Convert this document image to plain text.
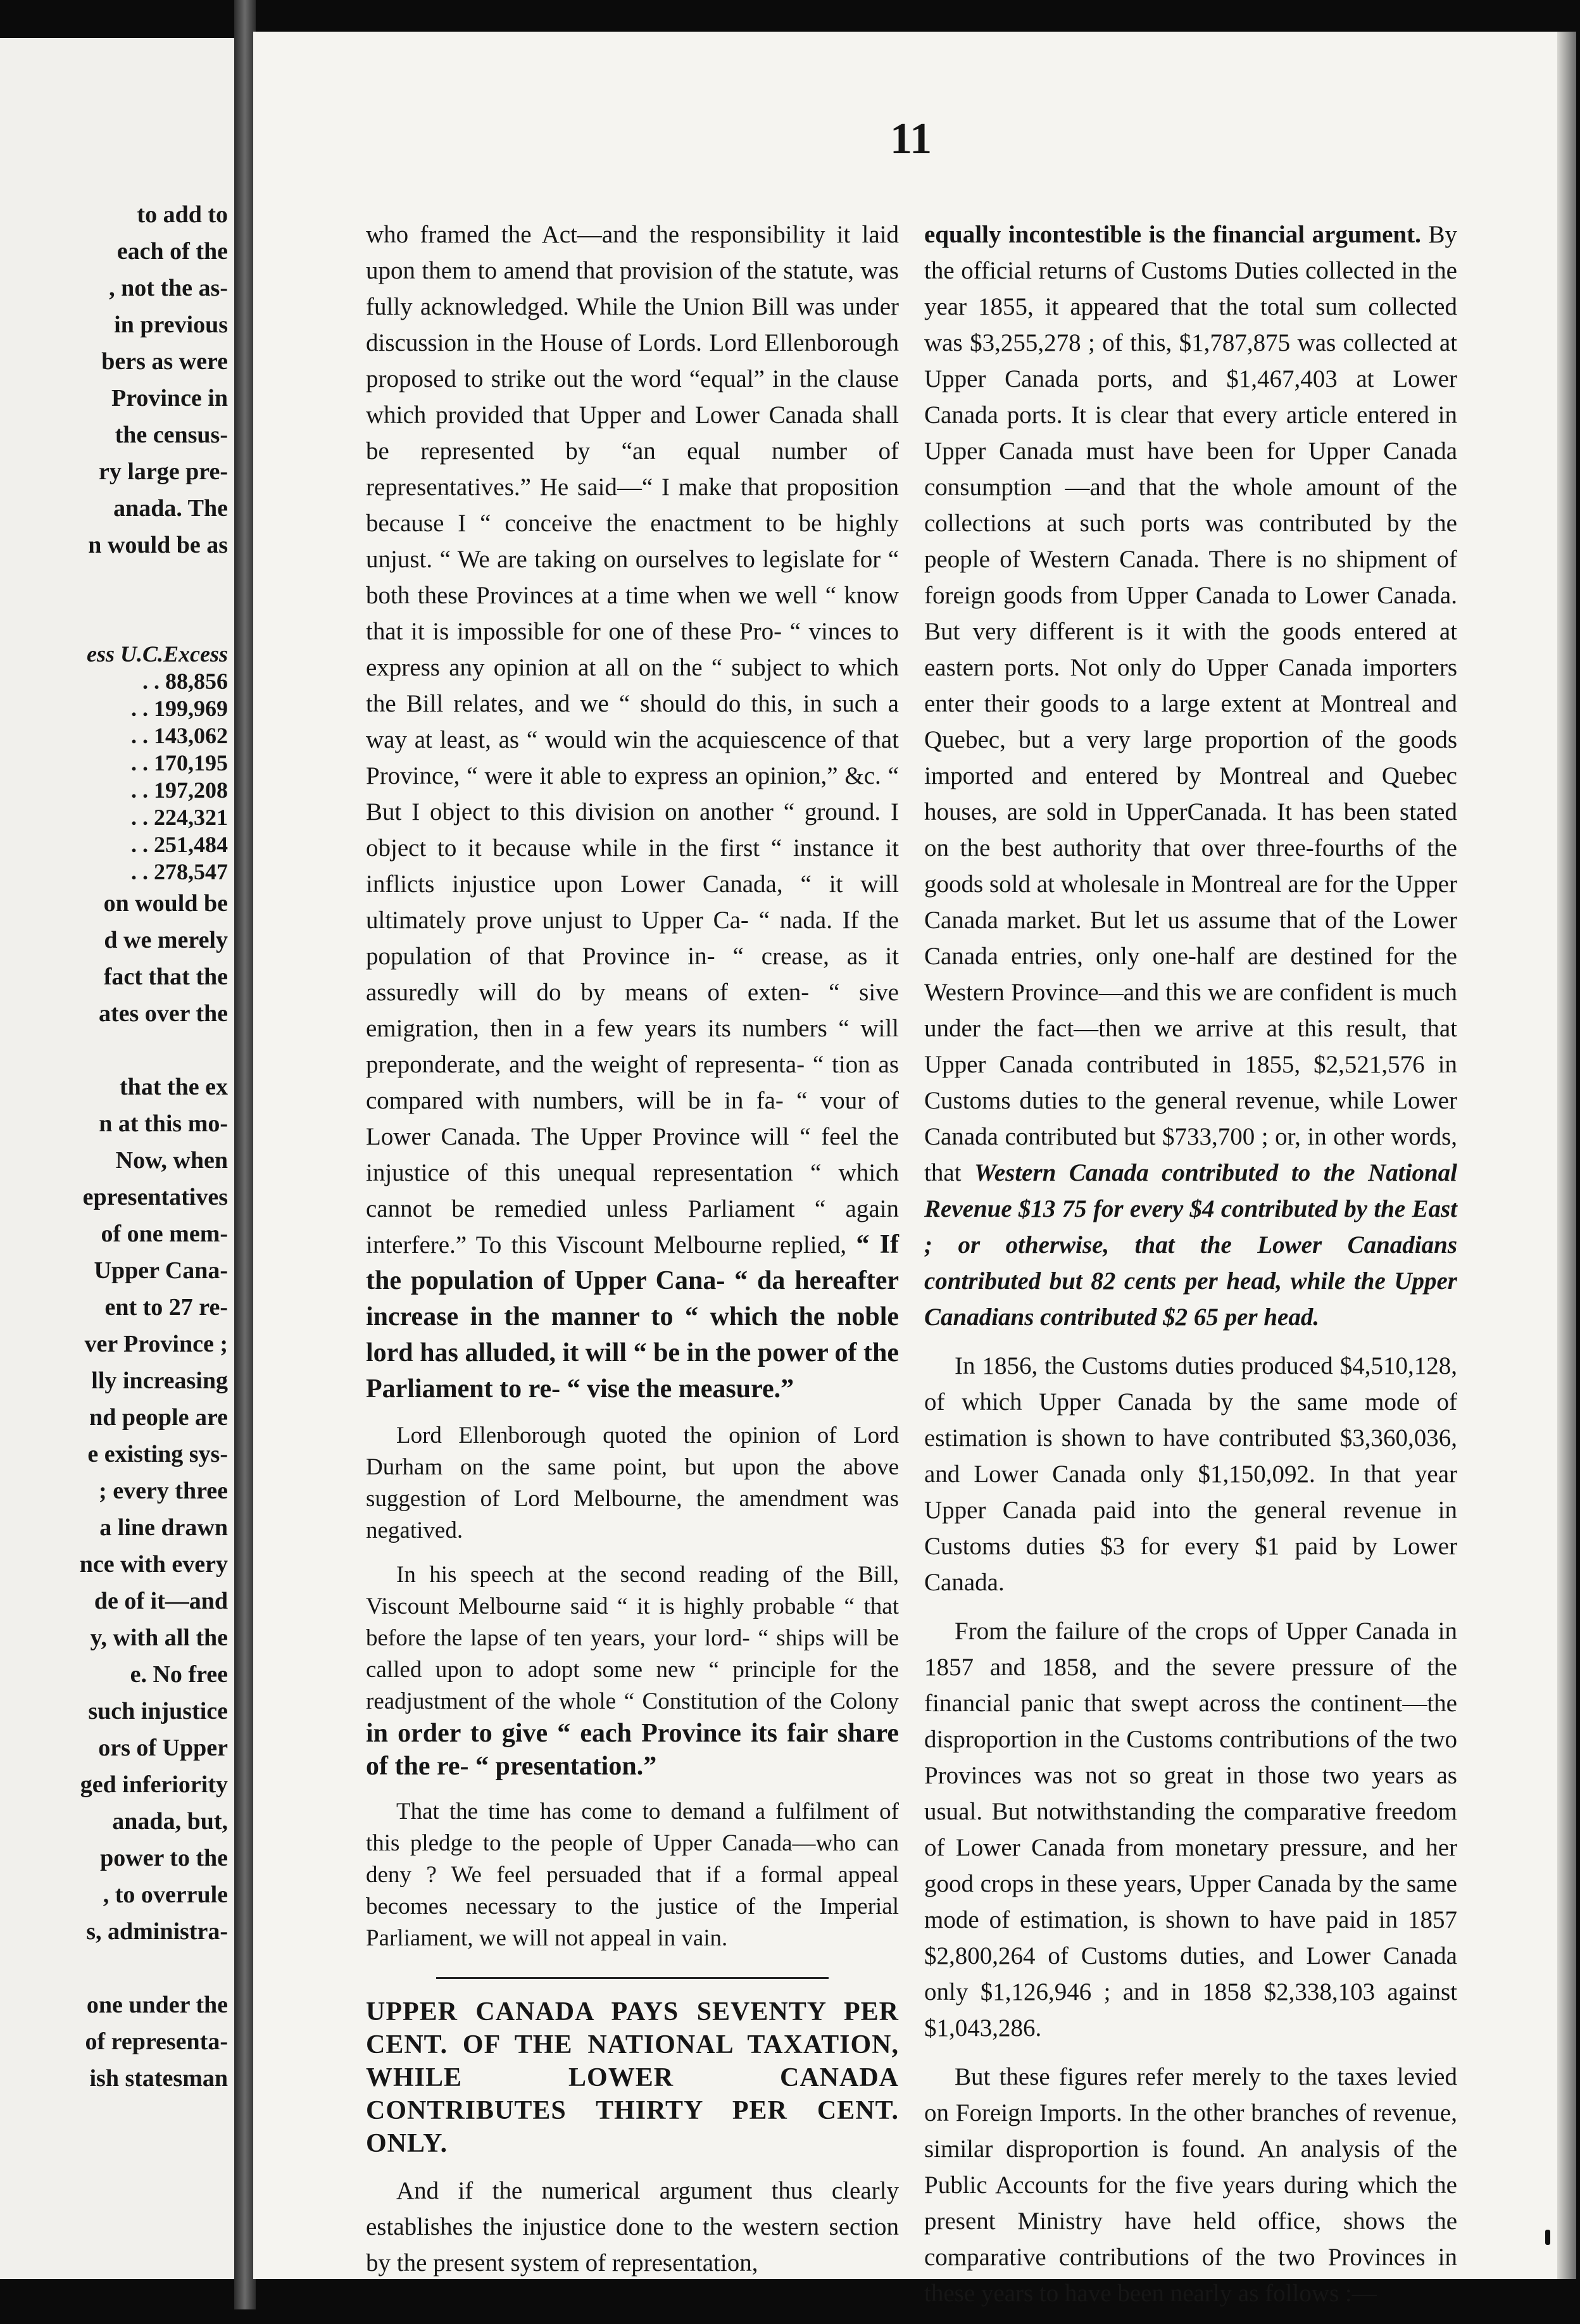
to add to
each of the
, not the as-
in previous
bers as were
Province in
the census-
ry large pre-
anada. The
n would be as
ess U.C.Excess
. . 88,856
. . 199,969
. . 143,062
. . 170,195
. . 197,208
. . 224,321
. . 251,484
. . 278,547
on would be
d we merely
fact that the
ates over the

that the ex
n at this mo-
Now, when
epresentatives
of one mem-
Upper Cana-
ent to 27 re-
ver Province ;
lly increasing
nd people are
e existing sys-
; every three
a line drawn
nce with every
de of it—and
y, with all the
e. No free
such injustice
ors of Upper
ged inferiority
anada, but,
power to the
, to overrule
s, administra-

one under the
of representa-
ish statesman
11

who framed the Act—and the responsibility it laid upon them to amend that provision of the statute, was fully acknowledged. While the Union Bill was under discussion in the House of Lords. Lord Ellenborough proposed to strike out the word “equal” in the clause which provided that Upper and Lower Canada shall be represented by “an equal number of representatives.” He said—“ I make that proposition because I “ conceive the enactment to be highly unjust. “ We are taking on ourselves to legislate for “ both these Provinces at a time when we well “ know that it is impossible for one of these Pro- “ vinces to express any opinion at all on the “ subject to which the Bill relates, and we “ should do this, in such a way at least, as “ would win the acquiescence of that Province, “ were it able to express an opinion,” &c. “ But I object to this division on another “ ground. I object to it because while in the first “ instance it inflicts injustice upon Lower Canada, “ it will ultimately prove unjust to Upper Ca- “ nada. If the population of that Province in- “ crease, as it assuredly will do by means of exten- “ sive emigration, then in a few years its numbers “ will preponderate, and the weight of representa- “ tion as compared with numbers, will be in fa- “ vour of Lower Canada. The Upper Province will “ feel the injustice of this unequal representation “ which cannot be remedied unless Parliament “ again interfere.” To this Viscount Melbourne replied, “ If the population of Upper Cana- “ da hereafter increase in the manner to “ which the noble lord has alluded, it will “ be in the power of the Parliament to re- “ vise the measure.”

Lord Ellenborough quoted the opinion of Lord Durham on the same point, but upon the above suggestion of Lord Melbourne, the amendment was negatived.

In his speech at the second reading of the Bill, Viscount Melbourne said “ it is highly probable “ that before the lapse of ten years, your lord- “ ships will be called upon to adopt some new “ principle for the readjustment of the whole “ Constitution of the Colony in order to give “ each Province its fair share of the re- “ presentation.”

That the time has come to demand a fulfilment of this pledge to the people of Upper Canada—who can deny ? We feel persuaded that if a formal appeal becomes necessary to the justice of the Imperial Parliament, we will not appeal in vain.

UPPER CANADA PAYS SEVENTY PER CENT. OF THE NATIONAL TAXATION, WHILE LOWER CANADA CONTRIBUTES THIRTY PER CENT. ONLY.

And if the numerical argument thus clearly establishes the injustice done to the western section by the present system of representation,

equally incontestible is the financial argument. By the official returns of Customs Duties collected in the year 1855, it appeared that the total sum collected was $3,255,278 ; of this, $1,787,875 was collected at Upper Canada ports, and $1,467,403 at Lower Canada ports. It is clear that every article entered in Upper Canada must have been for Upper Canada consumption —and that the whole amount of the collections at such ports was contributed by the people of Western Canada. There is no shipment of foreign goods from Upper Canada to Lower Canada. But very different is it with the goods entered at eastern ports. Not only do Upper Canada importers enter their goods to a large extent at Montreal and Quebec, but a very large proportion of the goods imported and entered by Montreal and Quebec houses, are sold in UpperCanada. It has been stated on the best authority that over three-fourths of the goods sold at wholesale in Montreal are for the Upper Canada market. But let us assume that of the Lower Canada entries, only one-half are destined for the Western Province—and this we are confident is much under the fact—then we arrive at this result, that Upper Canada contributed in 1855, $2,521,576 in Customs duties to the general revenue, while Lower Canada contributed but $733,700 ; or, in other words, that Western Canada contributed to the National Revenue $13 75 for every $4 contributed by the East ; or otherwise, that the Lower Canadians contributed but 82 cents per head, while the Upper Canadians contributed $2 65 per head.

In 1856, the Customs duties produced $4,510,128, of which Upper Canada by the same mode of estimation is shown to have contributed $3,360,036, and Lower Canada only $1,150,092. In that year Upper Canada paid into the general revenue in Customs duties $3 for every $1 paid by Lower Canada.

From the failure of the crops of Upper Canada in 1857 and 1858, and the severe pressure of the financial panic that swept across the continent—the disproportion in the Customs contributions of the two Provinces was not so great in those two years as usual. But notwithstanding the comparative freedom of Lower Canada from monetary pressure, and her good crops in these years, Upper Canada by the same mode of estimation, is shown to have paid in 1857 $2,800,264 of Customs duties, and Lower Canada only $1,126,946 ; and in 1858 $2,338,103 against $1,043,286.

But these figures refer merely to the taxes levied on Foreign Imports. In the other branches of revenue, similar disproportion is found. An analysis of the Public Accounts for the five years during which the present Ministry have held office, shows the comparative contributions of the two Provinces in these years to have been nearly as follows :—
